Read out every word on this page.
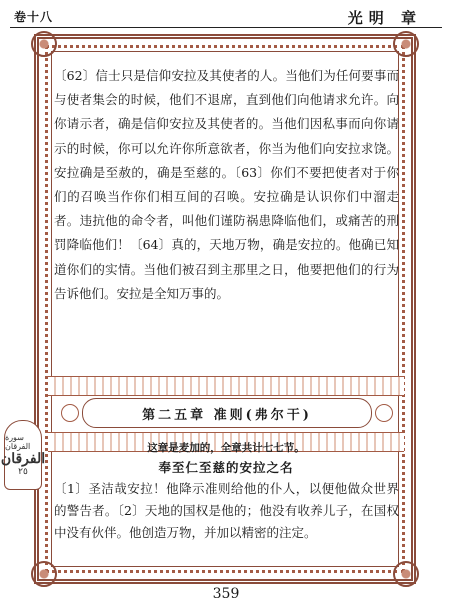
卷十八	光明 章

〔62〕信士只是信仰安拉及其使者的人。当他们为任何要事而与使者集会的时候，他们不退席，直到他们向他请求允许。向你请示者，确是信仰安拉及其使者的。当他们因私事而向你请示的时候，你可以允许你所意欲者，你当为他们向安拉求饶。安拉确是至赦的，确是至慈的。〔63〕你们不要把使者对于你们的召唤当作你们相互间的召唤。安拉确是认识你们中溜走者。违抗他的命令者，叫他们谨防祸患降临他们，或痛苦的刑罚降临他们！〔64〕真的，天地万物，确是安拉的。他确已知道你们的实情。当他们被召到主那里之日，他要把他们的行为告诉他们。安拉是全知万事的。

第二五章 准则(弗尔干)
这章是麦加的，全章共计七七节。
奉至仁至慈的安拉之名
〔1〕圣洁哉安拉！他降示准则给他的仆人，以便他做众世界的警告者。〔2〕天地的国权是他的；他没有收养儿子，在国权中没有伙伴。他创造万物，并加以精密的注定。
سورة الفرقان
الفرقان
٢٥
359
